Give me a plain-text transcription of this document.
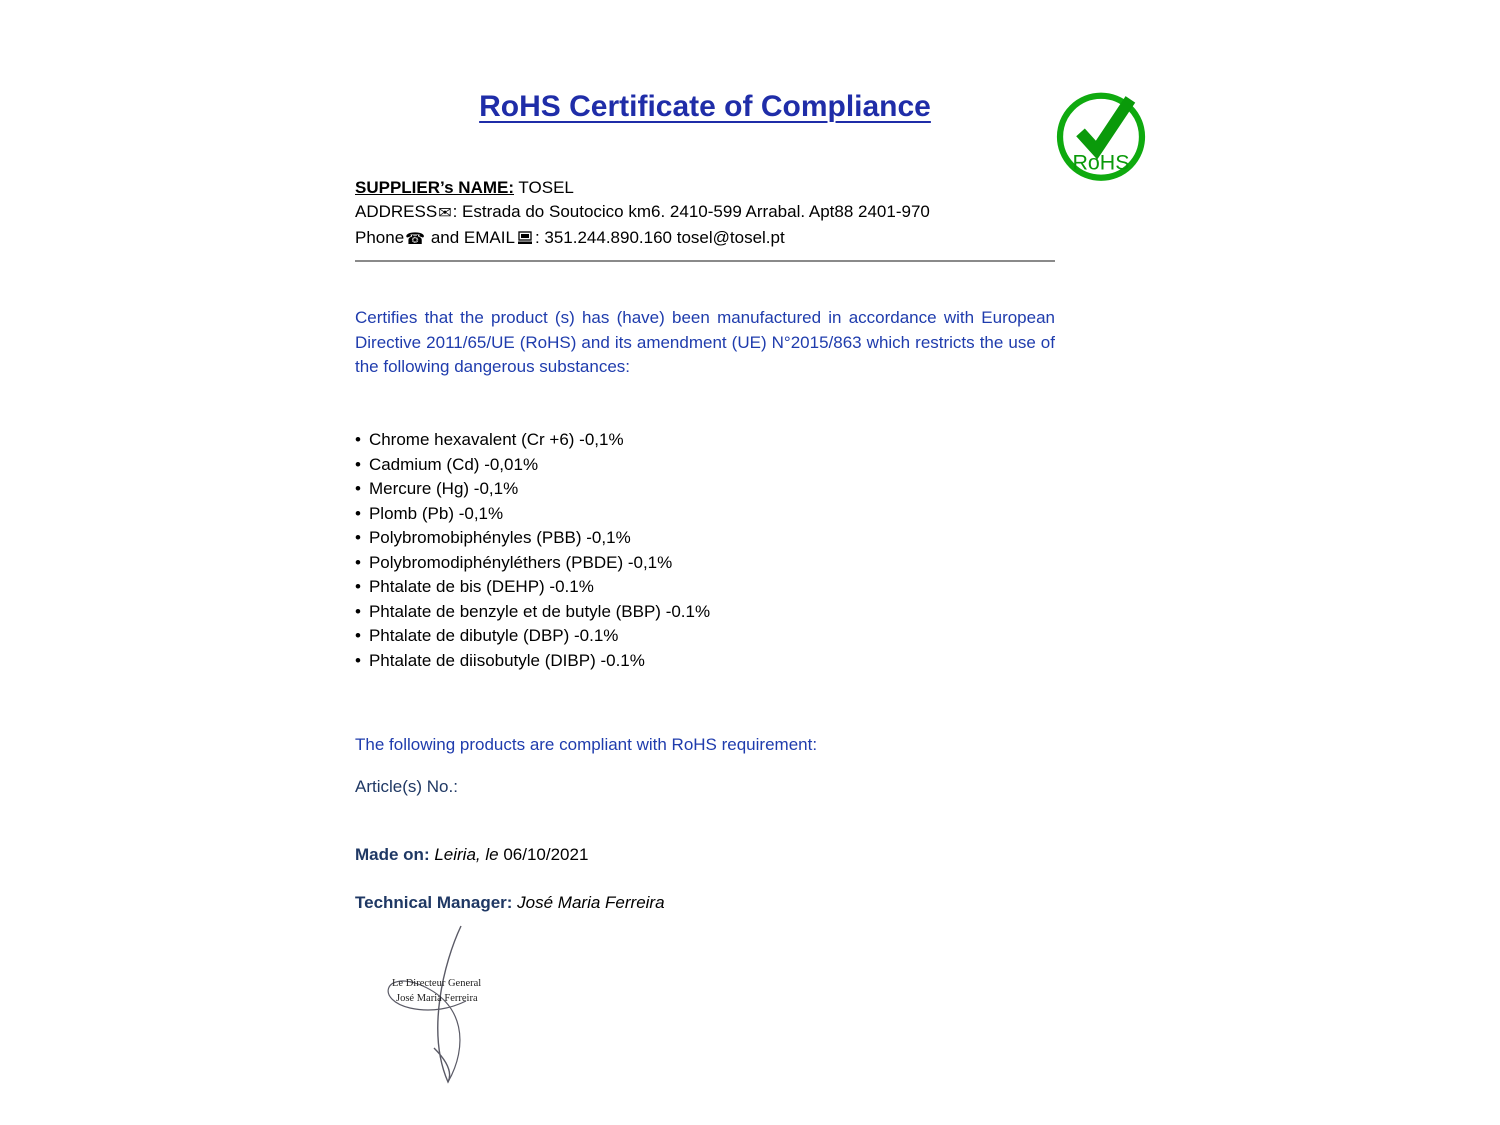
RoHS Certificate of Compliance
RoHS
SUPPLIER’s NAME: TOSEL
ADDRESS✉: Estrada do Soutocico km6. 2410-599 Arrabal. Apt88 2401-970
Phone☎ and EMAIL : 351.244.890.160 tosel@tosel.pt
Certifies that the product (s) has (have) been manufactured in accordance with European Directive 2011/65/UE (RoHS) and its amendment (UE) N°2015/863 which restricts the use of the following dangerous substances:
• Chrome hexavalent (Cr +6) -0,1%
• Cadmium (Cd) -0,01%
• Mercure (Hg) -0,1%
• Plomb (Pb) -0,1%
• Polybromobiphényles (PBB) -0,1%
• Polybromodiphényléthers (PBDE) -0,1%
• Phtalate de bis (DEHP) -0.1%
• Phtalate de benzyle et de butyle (BBP) -0.1%
• Phtalate de dibutyle (DBP) -0.1%
• Phtalate de diisobutyle (DIBP) -0.1%
The following products are compliant with RoHS requirement:
Article(s) No.:
Made on: Leiria, le 06/10/2021
Technical Manager: José Maria Ferreira
Le Directeur General
José Maria Ferreira
